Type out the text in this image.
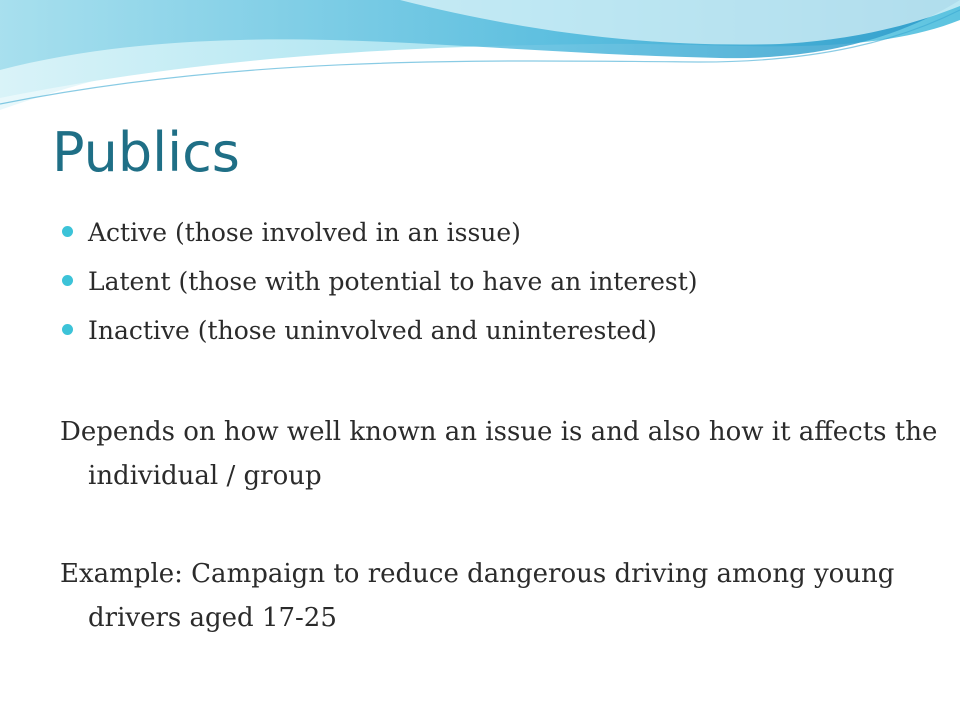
Publics
Active (those involved in an issue)
Latent (those with potential to have an interest)
Inactive (those uninvolved and uninterested)

Depends on how well known an issue is and also how it affects the individual / group

Example: Campaign to reduce dangerous driving among young drivers aged 17-25
